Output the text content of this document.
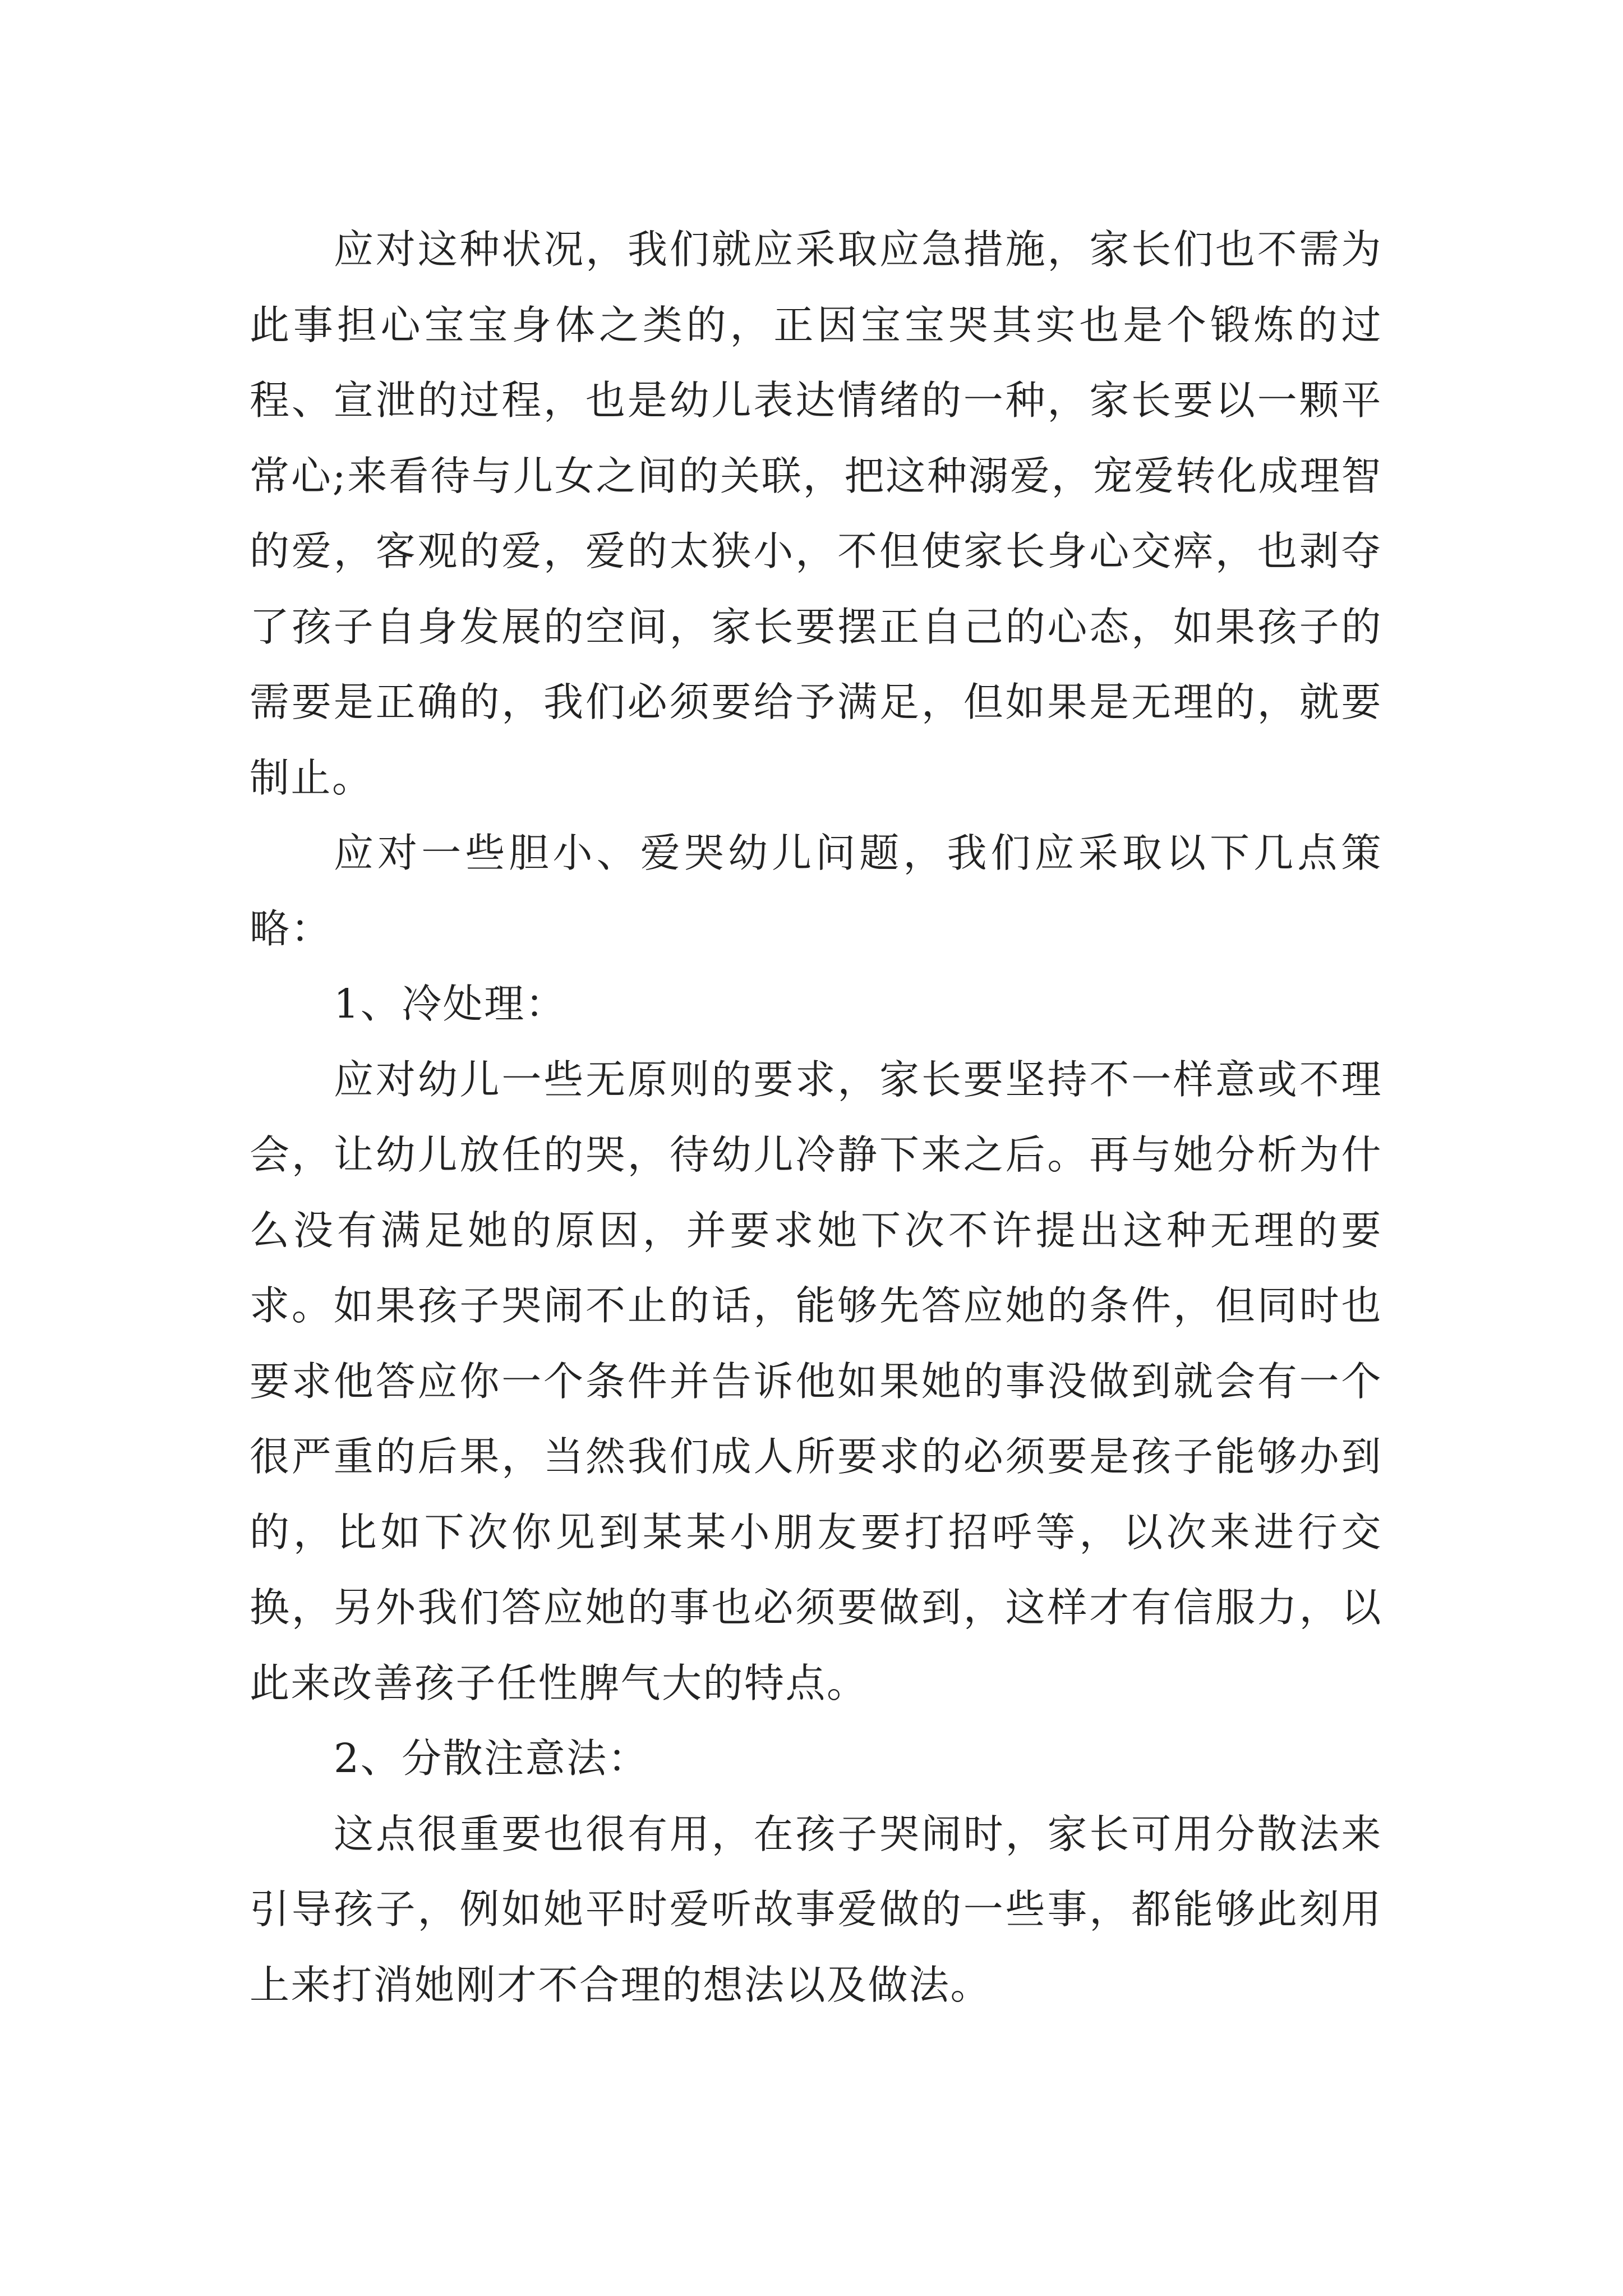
应对这种状况，我们就应采取应急措施，家长们也不需为此事担心宝宝身体之类的，正因宝宝哭其实也是个锻炼的过程、宣泄的过程，也是幼儿表达情绪的一种，家长要以一颗平常心;来看待与儿女之间的关联，把这种溺爱，宠爱转化成理智的爱，客观的爱，爱的太狭小，不但使家长身心交瘁，也剥夺了孩子自身发展的空间，家长要摆正自己的心态，如果孩子的需要是正确的，我们必须要给予满足，但如果是无理的，就要制止。

应对一些胆小、爱哭幼儿问题，我们应采取以下几点策略：

1、冷处理：

应对幼儿一些无原则的要求，家长要坚持不一样意或不理会，让幼儿放任的哭，待幼儿冷静下来之后。再与她分析为什么没有满足她的原因，并要求她下次不许提出这种无理的要求。如果孩子哭闹不止的话，能够先答应她的条件，但同时也要求他答应你一个条件并告诉他如果她的事没做到就会有一个很严重的后果，当然我们成人所要求的必须要是孩子能够办到的，比如下次你见到某某小朋友要打招呼等，以次来进行交换，另外我们答应她的事也必须要做到，这样才有信服力，以此来改善孩子任性脾气大的特点。

2、分散注意法：

这点很重要也很有用，在孩子哭闹时，家长可用分散法来引导孩子，例如她平时爱听故事爱做的一些事，都能够此刻用上来打消她刚才不合理的想法以及做法。
